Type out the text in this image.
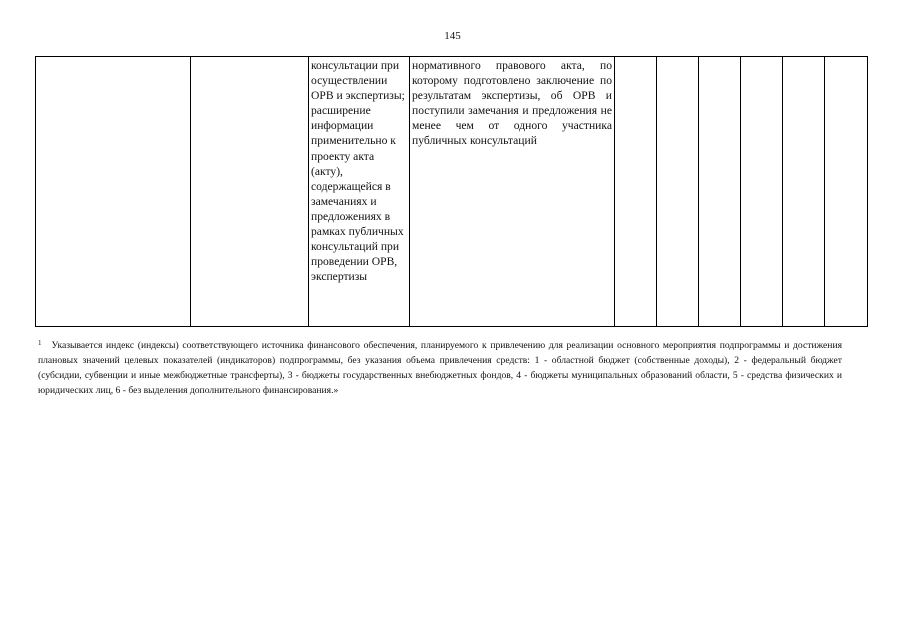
145
		консультации при осуществлении ОРВ и экспертизы; расширение информации применительно к проекту акта (акту), содержащейся в замечаниях и предложениях в рамках публичных консультаций при проведении ОРВ, экспертизы	нормативного правового акта, по которому подготовлено заключение по результатам экспертизы, об ОРВ и поступили замечания и предложения не менее чем от одного участника публичных консультаций						
$^1$ Указывается индекс (индексы) соответствующего источника финансового обеспечения, планируемого к привлечению для реализации основного мероприятия подпрограммы и достижения плановых значений целевых показателей (индикаторов) подпрограммы, без указания объема привлечения средств: 1 - областной бюджет (собственные доходы), 2 - федеральный бюджет (субсидии, субвенции и иные межбюджетные трансферты), 3 - бюджеты государственных внебюджетных фондов, 4 - бюджеты муниципальных образований области, 5 - средства физических и юридических лиц, 6 - без выделения дополнительного финансирования.»
